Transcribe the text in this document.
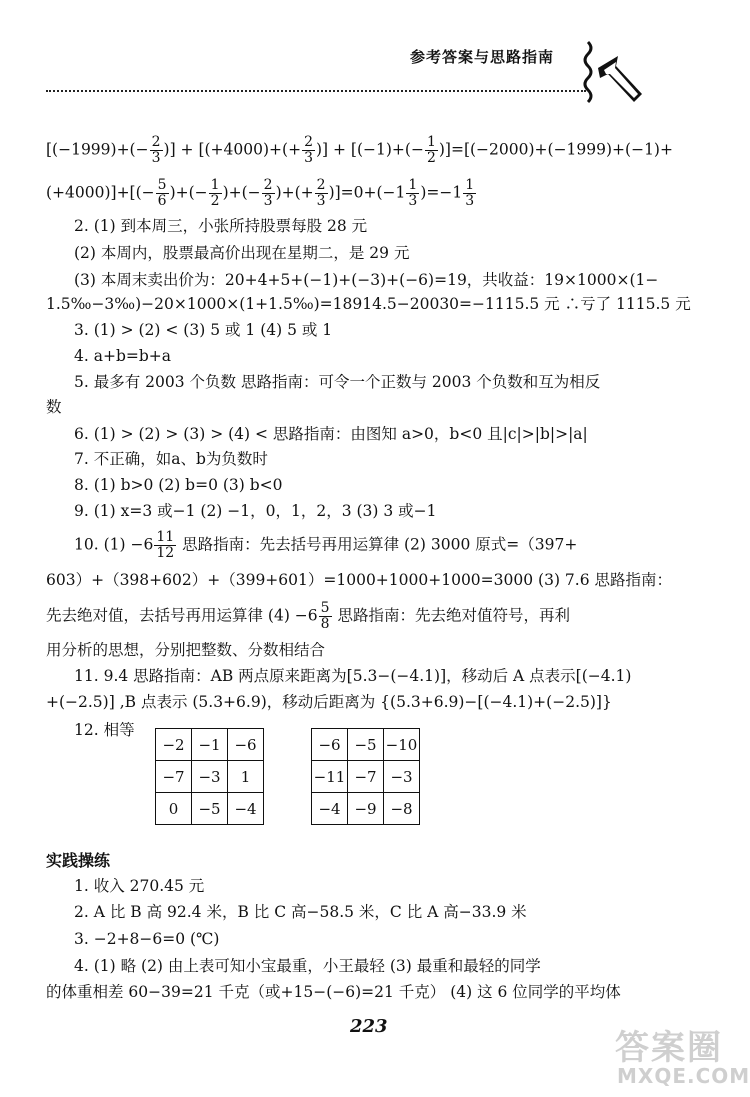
参考答案与思路指南
[$(-1999)+(- \frac{2}{3}$ )] + [$(+4000)+(+ \frac{2}{3}$ )] + $[(-1)+(- \frac{1}{2} )]=[(-2000)+(-1999)+(-1)+$
$(+4000)]+[(- \frac{5}{6}$ )+(− $\frac{1}{2}$ )+(− $\frac{2}{3}$ )+(+ $\frac{2}{3} )]=0+(-1 \frac{1}{3} )=-1 \frac{1}{3}$
2. (1) 到本周三，小张所持股票每股 28 元
(2) 本周内，股票最高价出现在星期二，是 29 元
(3) 本周末卖出价为：20+4+5+(−1)+(−3)+(−6)=19，共收益：19×1000×(1−
1.5‰−3‰)−20×1000×(1+1.5‰)=18914.5−20030=−1115.5 元 ∴亏了 1115.5 元
3. (1) > (2) < (3) 5 或 1 (4) 5 或 1
4. a+b=b+a
5. 最多有 2003 个负数 思路指南：可令一个正数与 2003 个负数和互为相反
数
6. (1) > (2) > (3) > (4) < 思路指南：由图知 a>0，b<0 且|c|>|b|>|a|
7. 不正确，如a、b为负数时
8. (1) b>0 (2) b=0 (3) b<0
9. (1) x=3 或−1 (2) −1，0，1，2，3 (3) 3 或−1
10. $(1) -6 \frac{11}{12}$ 思路指南：先去括号再用运算律 (2) 3000 原式=（397+
603）+（398+602）+（399+601）=1000+1000+1000=3000 (3) 7.6 思路指南：
先去绝对值，去括号再用运算律 $(4) -6 \frac{5}{8}$ 思路指南：先去绝对值符号，再利
用分析的思想，分别把整数、分数相结合
11. 9.4 思路指南：AB 两点原来距离为[5.3−(−4.1)]，移动后 A 点表示[(−4.1)
+(−2.5)] ,B 点表示 (5.3+6.9)，移动后距离为 {(5.3+6.9)−[(−4.1)+(−2.5)]}
12. 相等
−2	−1	−6
−7	−3	1
0	−5	−4
−6	−5	−10
−11	−7	−3
−4	−9	−8
实践操练
1. 收入 270.45 元
2. A 比 B 高 92.4 米，B 比 C 高−58.5 米，C 比 A 高−33.9 米
3. −2+8−6=0 (℃)
4. (1) 略 (2) 由上表可知小宝最重，小王最轻 (3) 最重和最轻的同学
的体重相差 60−39=21 千克（或+15−(−6)=21 千克） (4) 这 6 位同学的平均体
223
答案圈
MXQE.COM
